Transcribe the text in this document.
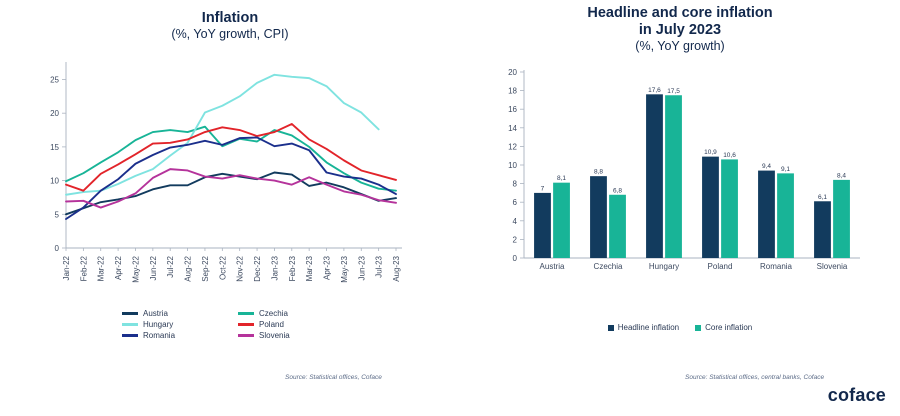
Inflation
(%, YoY growth, CPI)
0
5
10
15
20
25
Jan-22 Feb-22 Mar-22 Apr-22 May-22 Jun-22 Jul-22 Aug-22 Sep-22 Oct-22 Nov-22 Dec-22 Jan-23 Feb-23 Mar-23 Apr-23 May-23 Jun-23 Jul-23 Aug-23
Austria	Czechia
Hungary	Poland
Romania	Slovenia
Source: Statistical offices, Coface
Headline and core inflation
in July 2023
(%, YoY growth)
0
2
4
6
8
10
12
14
16
18
20
7
8,1
Austria
8,8
6,8
Czechia
17,6 17,5
Hungary
10,9 10,6
Poland
9,4 9,1
Romania
6,1
8,4
Slovenia
Headline inflation	Core inflation
Source: Statistical offices, central banks, Coface
coface
